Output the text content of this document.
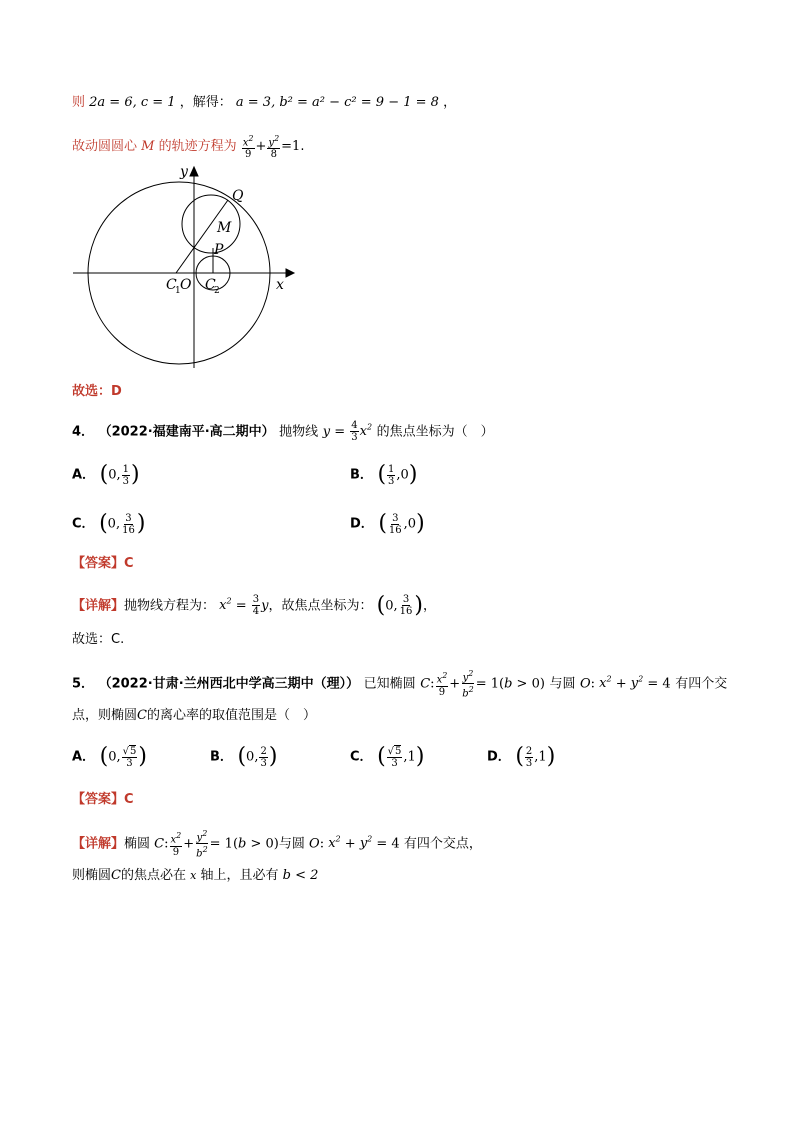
则 2a = 6, c = 1 ，解得： a = 3, b² = a² − c² = 9 − 1 = 8 ，
故动圆圆心 M 的轨迹方程为 $\frac{x^2}{9} + \frac{y^2}{8} =1$.
y
x
Q
M
P
C
1 O C
2
故选：D
4． （2022·福建南平·高二期中） 抛物线 $y = \frac{4}{3} x^2$ 的焦点坐标为（　）
A． (0, $\frac{1}{3}$ )	B． ( $\frac{1}{3} ,0$)
C． (0, $\frac{3}{16}$ )	D． ( $\frac{3}{16} ,0$)
【答案】C
【详解】抛物线方程为： $x^2 = \frac{3}{4}$ y，故焦点坐标为： (0, $\frac{3}{16}$ )，
故选：C.
5． （2022·甘肃·兰州西北中学高三期中（理）） 已知椭圆 C: $\frac{x^2}{9} + \frac{y^2}{b^2} = 1(b > 0)$ 与圆 O: $x^2 + y^2 = 4$ 有四个交
点，则椭圆C的离心率的取值范围是（　）
A． (0, $\frac{√5}{3}$ )	B． (0, $\frac{2}{3}$ )	C． ( $\frac{√5}{3} ,1$)	D． ( $\frac{2}{3} ,1$)
【答案】C
【详解】椭圆 C: $\frac{x^2}{9} + \frac{y^2}{b^2} = 1(b > 0)$与圆 O: $x^2 + y^2 = 4$ 有四个交点，
则椭圆C的焦点必在 x 轴上，且必有 b < 2
